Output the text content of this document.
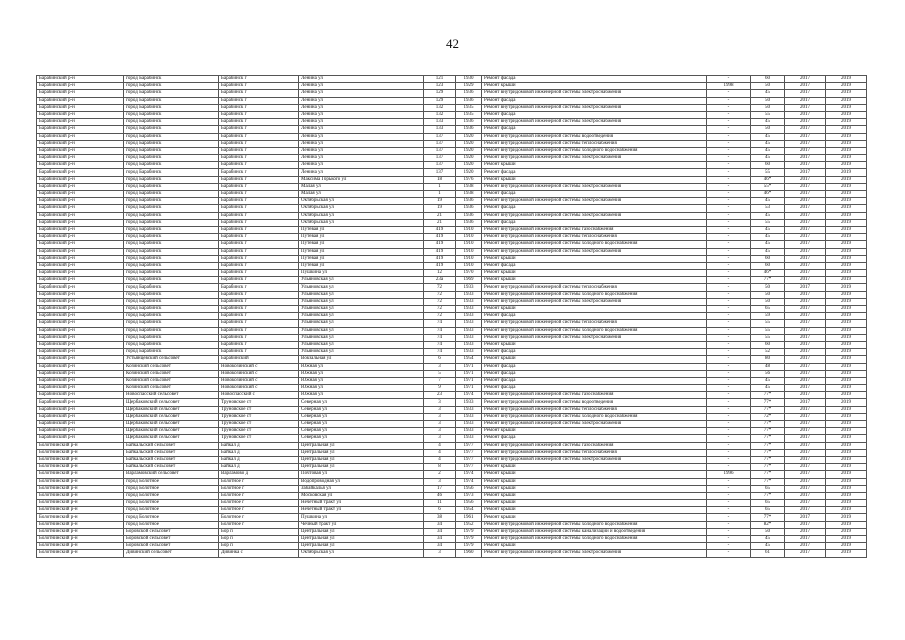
42
Барабинский р-н	город Барабинск	Барабинск г	Ленина ул	121	1930	Ремонт фасада	-	60	2017	2019
Барабинский р-н	город Барабинск	Барабинск г	Ленина ул	123	1929	Ремонт крыши	1998	50	2017	2019
Барабинский р-н	город Барабинск	Барабинск г	Ленина ул	129	1936	Ремонт внутридомовой инженерной системы электроснабжения	-	45	2017	2019
Барабинский р-н	город Барабинск	Барабинск г	Ленина ул	129	1936	Ремонт фасада	-	50	2017	2019
Барабинский р-н	город Барабинск	Барабинск г	Ленина ул	132	1935	Ремонт внутридомовой инженерной системы электроснабжения	-	50	2017	2019
Барабинский р-н	город Барабинск	Барабинск г	Ленина ул	132	1935	Ремонт фасада	-	55	2017	2019
Барабинский р-н	город Барабинск	Барабинск г	Ленина ул	133	1936	Ремонт внутридомовой инженерной системы электроснабжения	-	45	2017	2019
Барабинский р-н	город Барабинск	Барабинск г	Ленина ул	133	1936	Ремонт фасада	-	50	2017	2019
Барабинский р-н	город Барабинск	Барабинск г	Ленина ул	137	1920	Ремонт внутридомовой инженерной системы водоотведения	-	45	2017	2019
Барабинский р-н	город Барабинск	Барабинск г	Ленина ул	137	1920	Ремонт внутридомовой инженерной системы теплоснабжения	-	45	2017	2019
Барабинский р-н	город Барабинск	Барабинск г	Ленина ул	137	1920	Ремонт внутридомовой инженерной системы холодного водоснабжения	-	45	2017	2019
Барабинский р-н	город Барабинск	Барабинск г	Ленина ул	137	1920	Ремонт внутридомовой инженерной системы электроснабжения	-	45	2017	2019
Барабинский р-н	город Барабинск	Барабинск г	Ленина ул	137	1920	Ремонт крыши	-	60	2017	2019
Барабинский р-н	город Барабинск	Барабинск г	Ленина ул	137	1920	Ремонт фасада	-	55	2017	2019
Барабинский р-н	город Барабинск	Барабинск г	Максима Горького ул	18	1976	Ремонт крыши	-	46*	2017	2019
Барабинский р-н	город Барабинск	Барабинск г	Малая ул	1	1938	Ремонт внутридомовой инженерной системы электроснабжения	-	55*	2017	2019
Барабинский р-н	город Барабинск	Барабинск г	Малая ул	1	1938	Ремонт фасада	-	46*	2017	2019
Барабинский р-н	город Барабинск	Барабинск г	Октябрьская ул	19	1936	Ремонт внутридомовой инженерной системы электроснабжения	-	45	2017	2019
Барабинский р-н	город Барабинск	Барабинск г	Октябрьская ул	19	1936	Ремонт фасада	-	53	2017	2019
Барабинский р-н	город Барабинск	Барабинск г	Октябрьская ул	21	1936	Ремонт внутридомовой инженерной системы электроснабжения	-	45	2017	2019
Барабинский р-н	город Барабинск	Барабинск г	Октябрьская ул	21	1936	Ремонт фасада	-	55	2017	2019
Барабинский р-н	город Барабинск	Барабинск г	Путевая ул	419	1910	Ремонт внутридомовой инженерной системы газоснабжения	-	45	2017	2019
Барабинский р-н	город Барабинск	Барабинск г	Путевая ул	419	1910	Ремонт внутридомовой инженерной системы теплоснабжения	-	45	2017	2019
Барабинский р-н	город Барабинск	Барабинск г	Путевая ул	419	1910	Ремонт внутридомовой инженерной системы холодного водоснабжения	-	45	2017	2019
Барабинский р-н	город Барабинск	Барабинск г	Путевая ул	419	1910	Ремонт внутридомовой инженерной системы электроснабжения	-	45	2017	2019
Барабинский р-н	город Барабинск	Барабинск г	Путевая ул	419	1910	Ремонт крыши	-	60	2017	2019
Барабинский р-н	город Барабинск	Барабинск г	Путевая ул	419	1910	Ремонт фасада	-	60	2017	2019
Барабинский р-н	город Барабинск	Барабинск г	Пушкина ул	12	1970	Ремонт крыши	-	46*	2017	2019
Барабинский р-н	город Барабинск	Барабинск г	Ульяновская ул	23а	1969	Ремонт крыши	-	77*	2017	2019
Барабинский р-н	город Барабинск	Барабинск г	Ульяновская ул	72	1933	Ремонт внутридомовой инженерной системы теплоснабжения	-	50	2017	2019
Барабинский р-н	город Барабинск	Барабинск г	Ульяновская ул	72	1933	Ремонт внутридомовой инженерной системы холодного водоснабжения	-	50	2017	2019
Барабинский р-н	город Барабинск	Барабинск г	Ульяновская ул	72	1933	Ремонт внутридомовой инженерной системы электроснабжения	-	50	2017	2019
Барабинский р-н	город Барабинск	Барабинск г	Ульяновская ул	72	1933	Ремонт крыши	-	65	2017	2019
Барабинский р-н	город Барабинск	Барабинск г	Ульяновская ул	72	1933	Ремонт фасада	-	59	2017	2019
Барабинский р-н	город Барабинск	Барабинск г	Ульяновская ул	74	1933	Ремонт внутридомовой инженерной системы теплоснабжения	-	55	2017	2019
Барабинский р-н	город Барабинск	Барабинск г	Ульяновская ул	74	1933	Ремонт внутридомовой инженерной системы холодного водоснабжения	-	55	2017	2019
Барабинский р-н	город Барабинск	Барабинск г	Ульяновская ул	74	1933	Ремонт внутридомовой инженерной системы электроснабжения	-	55	2017	2019
Барабинский р-н	город Барабинск	Барабинск г	Ульяновская ул	74	1933	Ремонт крыши	-	60	2017	2019
Барабинский р-н	город Барабинск	Барабинск г	Ульяновская ул	74	1933	Ремонт фасада	-	52	2017	2019
Барабинский р-н	Устьянцевский сельсовет	Барабинский	Вокзальная ул	6	1954	Ремонт крыши	-	80	2017	2019
Барабинский р-н	Козинский сельсовет	Новокозинский с	Южная ул	3	1971	Ремонт фасада	-	48	2017	2019
Барабинский р-н	Козинский сельсовет	Новокозинский с	Южная ул	5	1971	Ремонт фасада	-	56	2017	2019
Барабинский р-н	Козинский сельсовет	Новокозинский с	Южная ул	7	1971	Ремонт фасада	-	45	2017	2019
Барабинский р-н	Козинский сельсовет	Новокозинский с	Южная ул	9	1971	Ремонт фасада	-	45	2017	2019
Барабинский р-н	Новоспасский сельсовет	Новоспасский с	Южная ул	23	1974	Ремонт внутридомовой инженерной системы газоснабжения	-	77*	2017	2019
Барабинский р-н	Щербаковский сельсовет	Труновское ст	Северная ул	3	1933	Ремонт внутридомовой инженерной системы водоотведения	-	77*	2017	2019
Барабинский р-н	Щербаковский сельсовет	Труновское ст	Северная ул	3	1933	Ремонт внутридомовой инженерной системы теплоснабжения	-	77*	2017	2019
Барабинский р-н	Щербаковский сельсовет	Труновское ст	Северная ул	3	1933	Ремонт внутридомовой инженерной системы холодного водоснабжения	-	72*	2017	2019
Барабинский р-н	Щербаковский сельсовет	Труновское ст	Северная ул	3	1933	Ремонт внутридомовой инженерной системы электроснабжения	-	77*	2017	2019
Барабинский р-н	Щербаковский сельсовет	Труновское ст	Северная ул	3	1933	Ремонт крыши	-	77*	2017	2019
Барабинский р-н	Щербаковский сельсовет	Труновское ст	Северная ул	3	1933	Ремонт фасада	-	77*	2017	2019
Болотнинский р-н	Байкальский сельсовет	Байкал д	Центральная ул	4	1977	Ремонт внутридомовой инженерной системы газоснабжения	-	77*	2017	2019
Болотнинский р-н	Байкальский сельсовет	Байкал д	Центральная ул	4	1977	Ремонт внутридомовой инженерной системы теплоснабжения	-	77*	2017	2019
Болотнинский р-н	Байкальский сельсовет	Байкал д	Центральная ул	4	1977	Ремонт внутридомовой инженерной системы электроснабжения	-	77*	2017	2019
Болотнинский р-н	Байкальский сельсовет	Байкал д	Центральная ул	8	1977	Ремонт крыши	-	77*	2017	2019
Болотнинский р-н	Варламовский сельсовет	Варламово д	Почтовая ул	2	1974	Ремонт крыши	1996	77*	2017	2019
Болотнинский р-н	город Болотное	Болотное г	Водопроводная ул	3	1974	Ремонт крыши	-	77*	2017	2019
Болотнинский р-н	город Болотное	Болотное г	Забайкалья ул	17	1956	Ремонт крыши	-	65	2017	2019
Болотнинский р-н	город Болотное	Болотное г	Московская ул	46	1973	Ремонт крыши	-	77*	2017	2019
Болотнинский р-н	город Болотное	Болотное г	Нечетный тракт ул	11	1956	Ремонт крыши	-	65	2017	2019
Болотнинский р-н	город Болотное	Болотное г	Нечетный тракт ул	6	1954	Ремонт крыши	-	65	2017	2019
Болотнинский р-н	город Болотное	Болотное г	Пушкина ул	38	1961	Ремонт крыши	-	77*	2017	2019
Болотнинский р-н	город Болотное	Болотное г	Чечный тракт ул	34	1952	Ремонт внутридомовой инженерной системы холодного водоснабжения	-	82*	2017	2019
Болотнинский р-н	Боровской сельсовет	Бор п	Центральная ул	34	1979	Ремонт внутридомовой инженерной системы канализации и водоотведения	-	50	2017	2019
Болотнинский р-н	Боровской сельсовет	Бор п	Центральная ул	34	1979	Ремонт внутридомовой инженерной системы холодного водоснабжения	-	45	2017	2019
Болотнинский р-н	Боровской сельсовет	Бор п	Центральная ул	34	1979	Ремонт крыши	-	45	2017	2019
Болотнинский р-н	Дивинский сельсовет	Дивинка с	Октябрьская ул	3	1960	Ремонт внутридомовой инженерной системы электроснабжения	-	61	2017	2019
